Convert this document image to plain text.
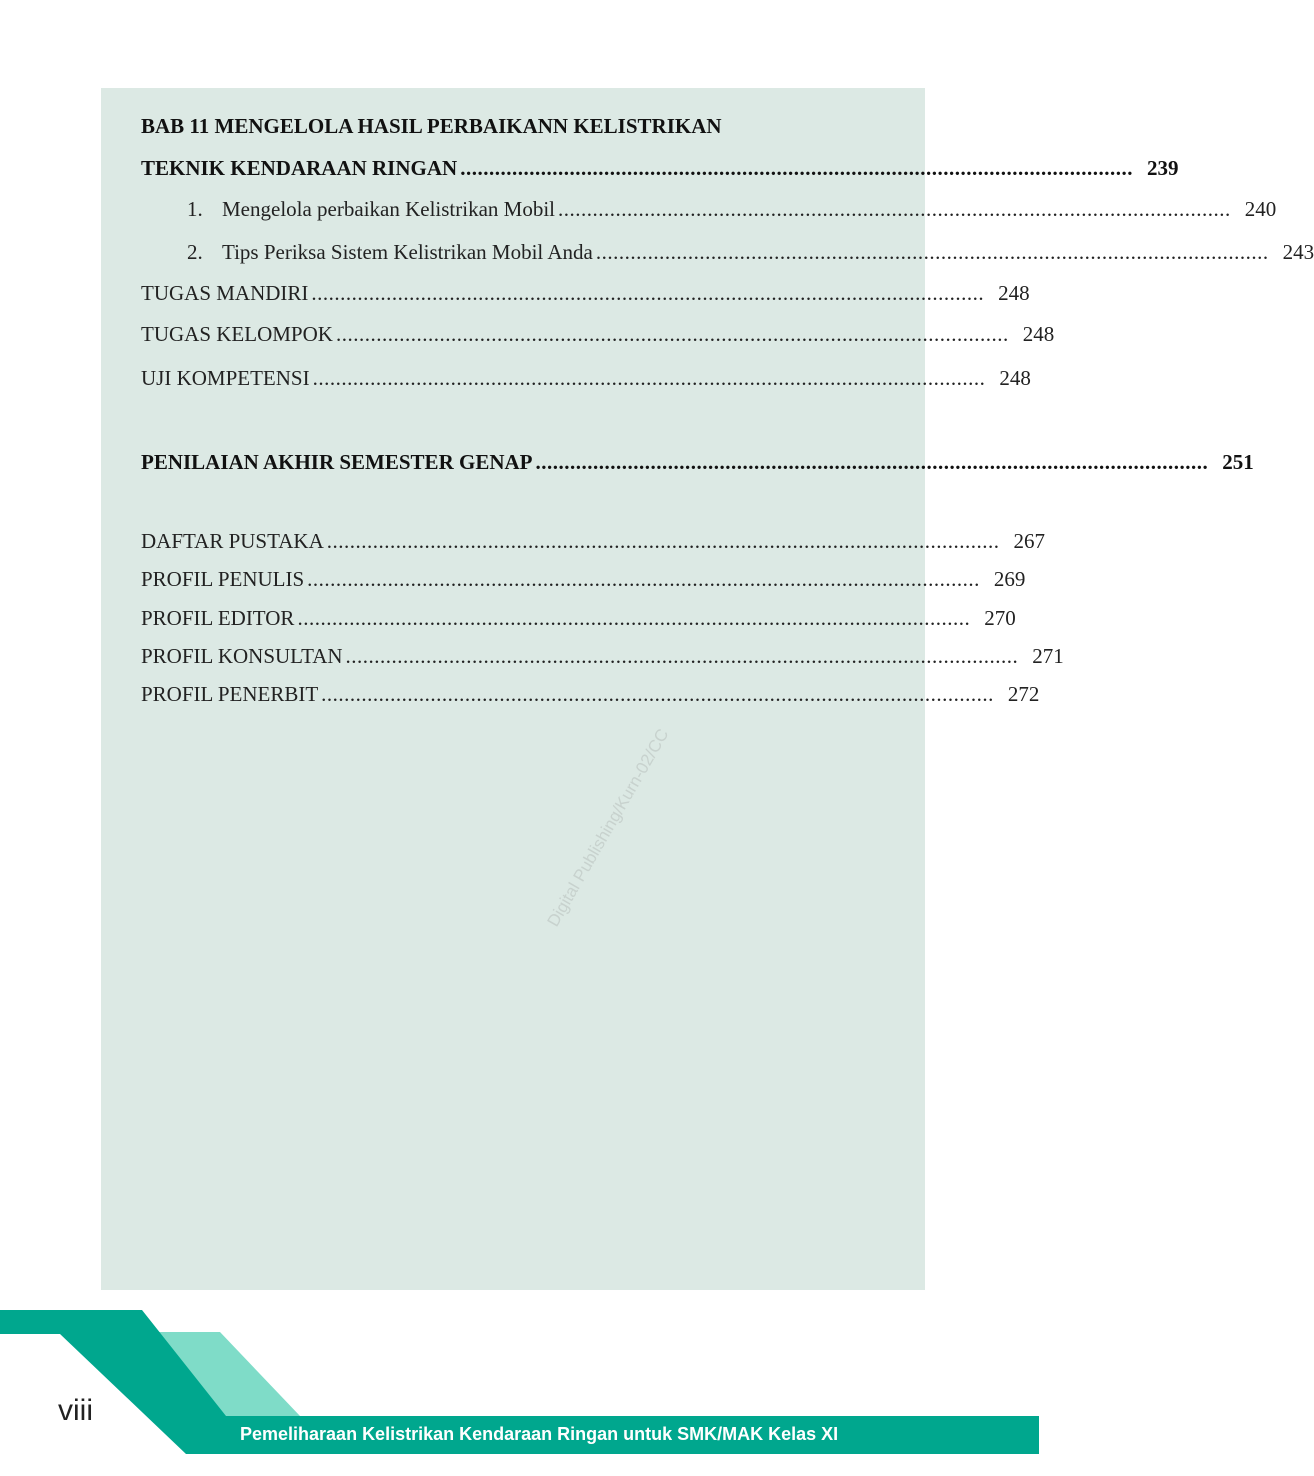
BAB 11 MENGELOLA HASIL PERBAIKANN KELISTRIKAN
TEKNIK KENDARAAN RINGAN ..................................................................................................................... 239
1. Mengelola perbaikan Kelistrikan Mobil ..................................................................................................................... 240
2. Tips Periksa Sistem Kelistrikan Mobil Anda ..................................................................................................................... 243
TUGAS MANDIRI ..................................................................................................................... 248
TUGAS KELOMPOK ..................................................................................................................... 248
UJI KOMPETENSI ..................................................................................................................... 248
PENILAIAN AKHIR SEMESTER GENAP ..................................................................................................................... 251
DAFTAR PUSTAKA ..................................................................................................................... 267
PROFIL PENULIS ..................................................................................................................... 269
PROFIL EDITOR ..................................................................................................................... 270
PROFIL KONSULTAN ..................................................................................................................... 271
PROFIL PENERBIT ..................................................................................................................... 272
Digital Publishing/Kurn-02/CC
viii
Pemeliharaan Kelistrikan Kendaraan Ringan untuk SMK/MAK Kelas XI
